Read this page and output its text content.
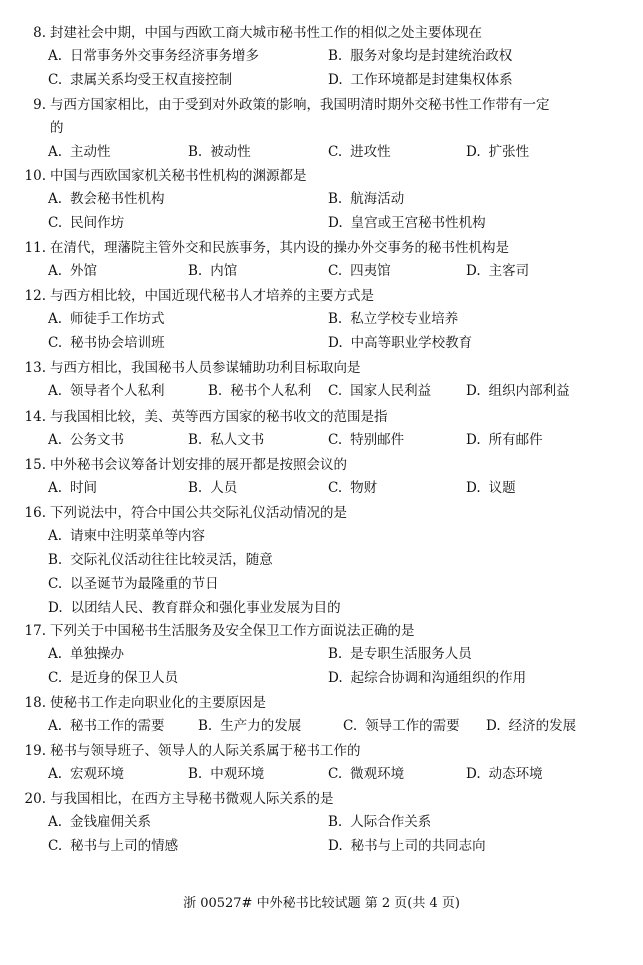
8. 封建社会中期，中国与西欧工商大城市秘书性工作的相似之处主要体现在
A. 日常事务外交事务经济事务增多	B. 服务对象均是封建统治政权
C. 隶属关系均受王权直接控制	D. 工作环境都是封建集权体系
9. 与西方国家相比，由于受到对外政策的影响，我国明清时期外交秘书性工作带有一定
的
A. 主动性	B. 被动性	C. 进攻性	D. 扩张性
10. 中国与西欧国家机关秘书性机构的渊源都是
A. 教会秘书性机构	B. 航海活动
C. 民间作坊	D. 皇宫或王宫秘书性机构
11. 在清代，理藩院主管外交和民族事务，其内设的操办外交事务的秘书性机构是
A. 外馆	B. 内馆	C. 四夷馆	D. 主客司
12. 与西方相比较，中国近现代秘书人才培养的主要方式是
A. 师徒手工作坊式	B. 私立学校专业培养
C. 秘书协会培训班	D. 中高等职业学校教育
13. 与西方相比，我国秘书人员参谋辅助功利目标取向是
A. 领导者个人私利	B. 秘书个人私利 C. 国家人民利益	D. 组织内部利益
14. 与我国相比较，美、英等西方国家的秘书收文的范围是指
A. 公务文书	B. 私人文书	C. 特别邮件	D. 所有邮件
15. 中外秘书会议筹备计划安排的展开都是按照会议的
A. 时间	B. 人员	C. 物财	D. 议题
16. 下列说法中，符合中国公共交际礼仪活动情况的是
A. 请柬中注明菜单等内容
B. 交际礼仪活动往往比较灵活，随意
C. 以圣诞节为最隆重的节日
D. 以团结人民、教育群众和强化事业发展为目的
17. 下列关于中国秘书生活服务及安全保卫工作方面说法正确的是
A. 单独操办	B. 是专职生活服务人员
C. 是近身的保卫人员	D. 起综合协调和沟通组织的作用
18. 使秘书工作走向职业化的主要原因是
A. 秘书工作的需要 B. 生产力的发展	C. 领导工作的需要 D. 经济的发展
19. 秘书与领导班子、领导人的人际关系属于秘书工作的
A. 宏观环境	B. 中观环境	C. 微观环境	D. 动态环境
20. 与我国相比，在西方主导秘书微观人际关系的是
A. 金钱雇佣关系	B. 人际合作关系
C. 秘书与上司的情感	D. 秘书与上司的共同志向
浙 00527# 中外秘书比较试题 第 2 页(共 4 页)
